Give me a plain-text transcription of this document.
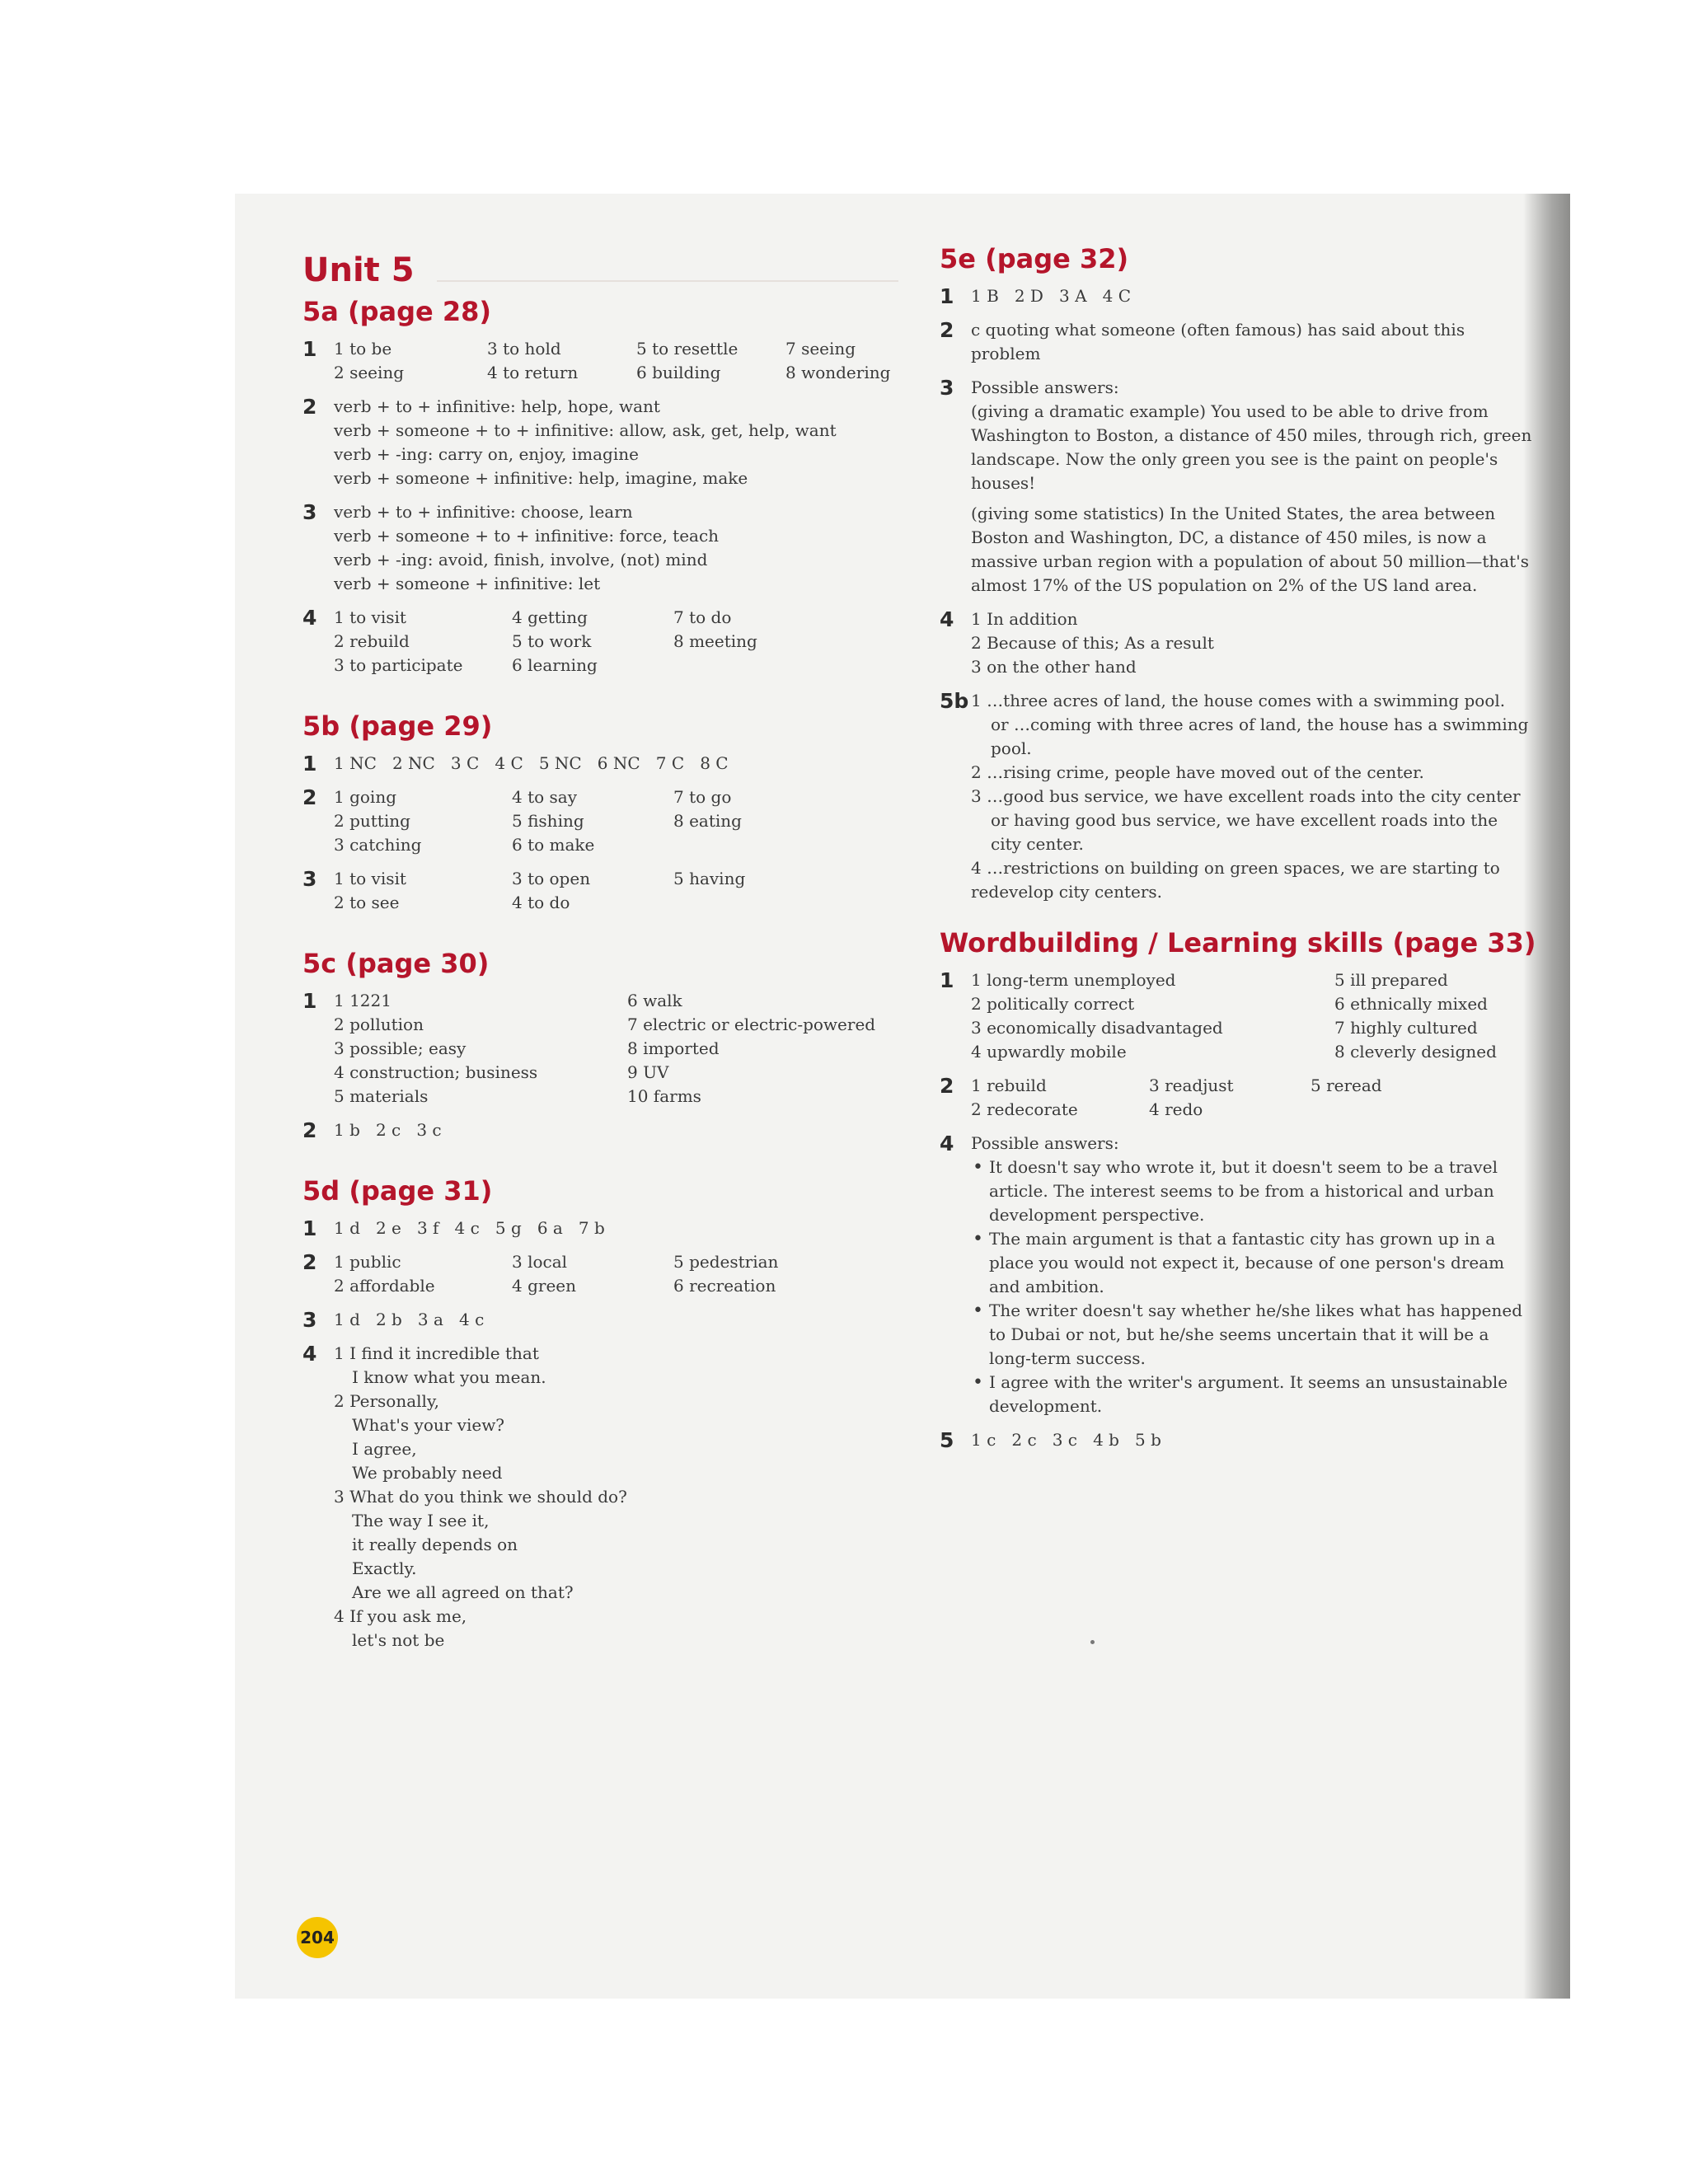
Unit 5
5a (page 28)
1	1 to be	3 to hold	5 to resettle	7 seeing
2 seeing	4 to return	6 building	8 wondering
2	verb + to + infinitive: help, hope, want
verb + someone + to + infinitive: allow, ask, get, help, want
verb + -ing: carry on, enjoy, imagine
verb + someone + infinitive: help, imagine, make
3	verb + to + infinitive: choose, learn
verb + someone + to + infinitive: force, teach
verb + -ing: avoid, finish, involve, (not) mind
verb + someone + infinitive: let
4	1 to visit	4 getting	7 to do
2 rebuild	5 to work	8 meeting
3 to participate	6 learning
5b (page 29)
1	1 NC   2 NC   3 C   4 C   5 NC   6 NC   7 C   8 C
2	1 going	4 to say	7 to go
2 putting	5 fishing	8 eating
3 catching	6 to make
3	1 to visit	3 to open	5 having
2 to see	4 to do
5c (page 30)
1	1 1221	6 walk
2 pollution	7 electric or electric-powered
3 possible; easy	8 imported
4 construction; business	9 UV
5 materials	10 farms
2	1 b   2 c   3 c
5d (page 31)
1	1 d   2 e   3 f   4 c   5 g   6 a   7 b
2	1 public	3 local	5 pedestrian
2 affordable	4 green	6 recreation
3	1 d   2 b   3 a   4 c
4	1 I find it incredible that
I know what you mean.
2 Personally,
What's your view?
I agree,
We probably need
3 What do you think we should do?
The way I see it,
it really depends on
Exactly.
Are we all agreed on that?
4 If you ask me,
let's not be
5e (page 32)
1	1 B   2 D   3 A   4 C
2	c quoting what someone (often famous) has said about this problem
3	Possible answers:
(giving a dramatic example) You used to be able to drive from Washington to Boston, a distance of 450 miles, through rich, green landscape. Now the only green you see is the paint on people's houses!
(giving some statistics) In the United States, the area between Boston and Washington, DC, a distance of 450 miles, is now a massive urban region with a population of about 50 million—that's almost 17% of the US population on 2% of the US land area.
4	1 In addition
2 Because of this; As a result
3 on the other hand
5b 1 …three acres of land, the house comes with a swimming pool.
or …coming with three acres of land, the house has a swimming pool.
2 …rising crime, people have moved out of the center.
3 …good bus service, we have excellent roads into the city center
or having good bus service, we have excellent roads into the city center.
4 …restrictions on building on green spaces, we are starting to redevelop city centers.
Wordbuilding / Learning skills (page 33)
1	1 long-term unemployed	5 ill prepared
2 politically correct	6 ethnically mixed
3 economically disadvantaged	7 highly cultured
4 upwardly mobile	8 cleverly designed
2	1 rebuild	3 readjust	5 reread
2 redecorate	4 redo
4	Possible answers:
• It doesn't say who wrote it, but it doesn't seem to be a travel article. The interest seems to be from a historical and urban development perspective.
• The main argument is that a fantastic city has grown up in a place you would not expect it, because of one person's dream and ambition.
• The writer doesn't say whether he/she likes what has happened to Dubai or not, but he/she seems uncertain that it will be a long-term success.
• I agree with the writer's argument. It seems an unsustainable development.
5	1 c   2 c   3 c   4 b   5 b
204
